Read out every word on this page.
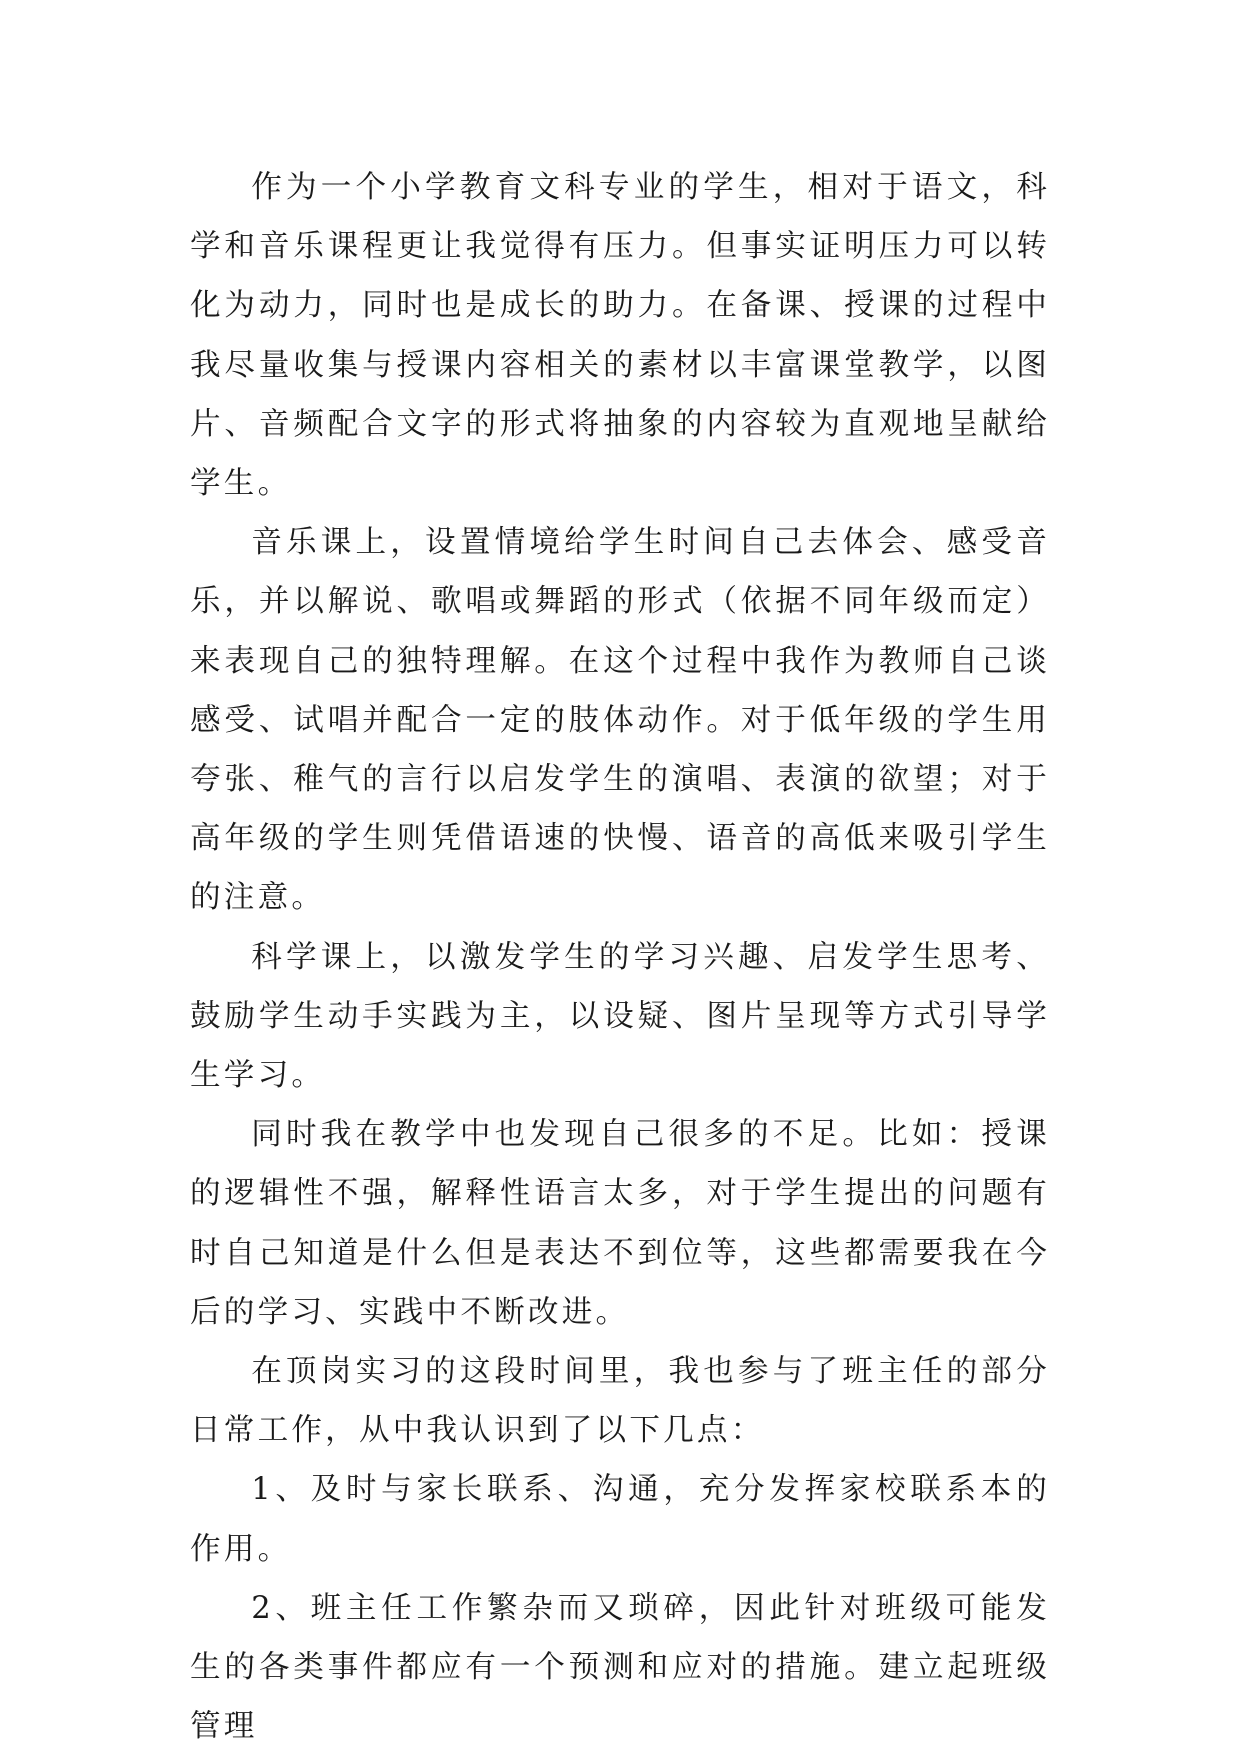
作为一个小学教育文科专业的学生，相对于语文，科学和音乐课程更让我觉得有压力。但事实证明压力可以转化为动力，同时也是成长的助力。在备课、授课的过程中我尽量收集与授课内容相关的素材以丰富课堂教学，以图片、音频配合文字的形式将抽象的内容较为直观地呈献给学生。

音乐课上，设置情境给学生时间自己去体会、感受音乐，并以解说、歌唱或舞蹈的形式（依据不同年级而定）来表现自己的独特理解。在这个过程中我作为教师自己谈感受、试唱并配合一定的肢体动作。对于低年级的学生用夸张、稚气的言行以启发学生的演唱、表演的欲望；对于高年级的学生则凭借语速的快慢、语音的高低来吸引学生的注意。

科学课上，以激发学生的学习兴趣、启发学生思考、鼓励学生动手实践为主，以设疑、图片呈现等方式引导学生学习。

同时我在教学中也发现自己很多的不足。比如：授课的逻辑性不强，解释性语言太多，对于学生提出的问题有时自己知道是什么但是表达不到位等，这些都需要我在今后的学习、实践中不断改进。

在顶岗实习的这段时间里，我也参与了班主任的部分日常工作，从中我认识到了以下几点：

1、及时与家长联系、沟通，充分发挥家校联系本的作用。

2、班主任工作繁杂而又琐碎，因此针对班级可能发生的各类事件都应有一个预测和应对的措施。建立起班级管理
